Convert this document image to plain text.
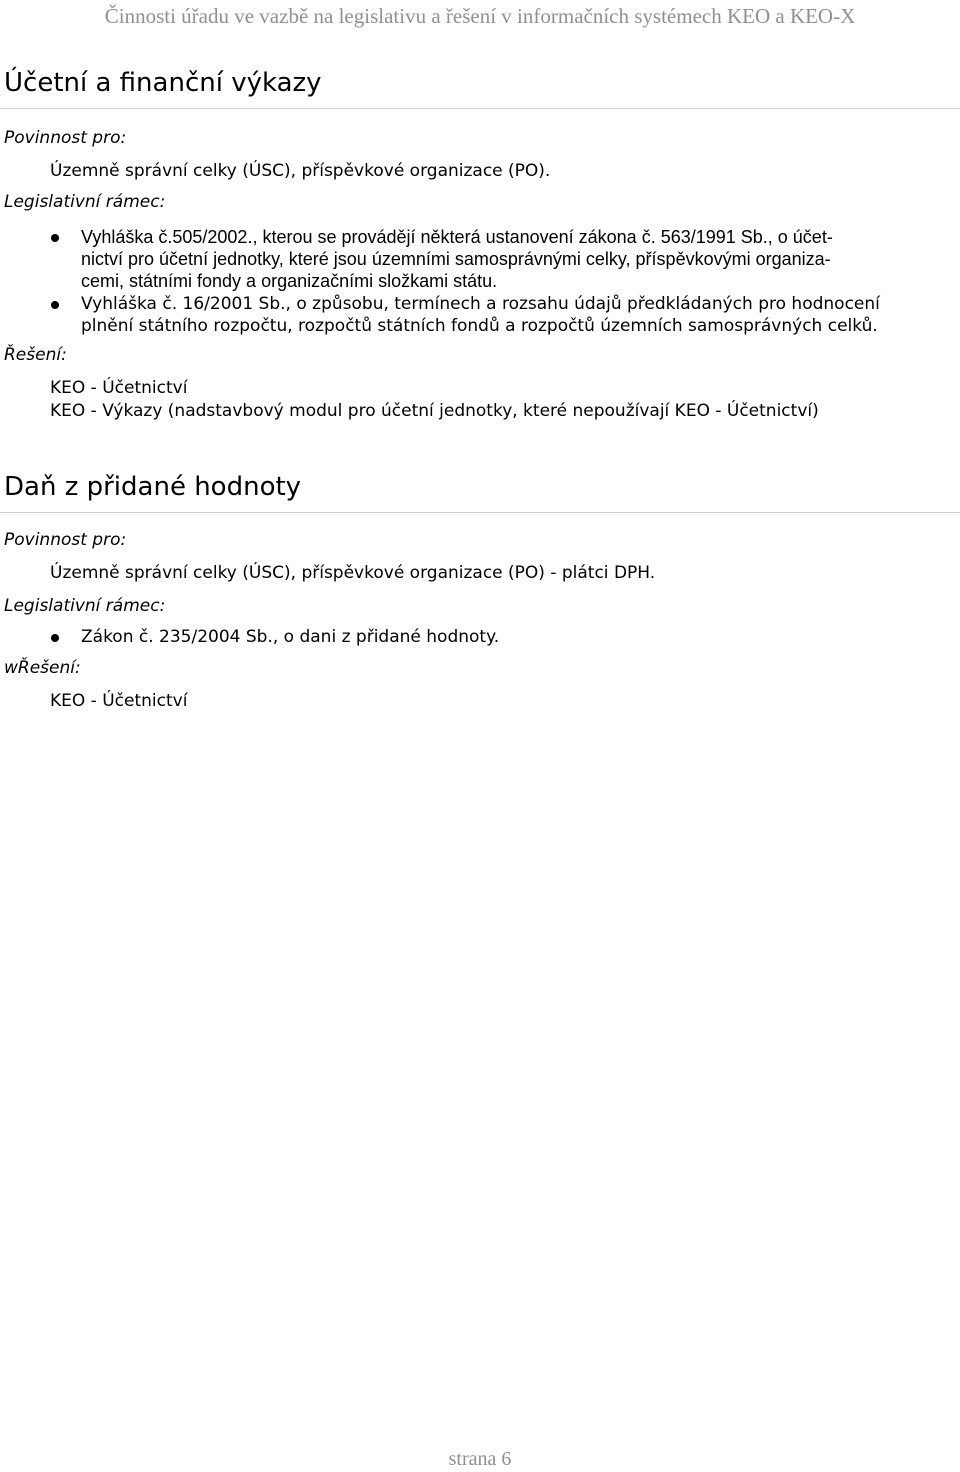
Činnosti úřadu ve vazbě na legislativu a řešení v informačních systémech KEO a KEO-X
Účetní a finanční výkazy
Povinnost pro:
Územně správní celky (ÚSC), příspěvkové organizace (PO).
Legislativní rámec:
Vyhláška č.505/2002., kterou se provádějí některá ustanovení zákona č. 563/1991 Sb., o účet-
nictví pro účetní jednotky, které jsou územními samosprávnými celky, příspěvkovými organiza-
cemi, státními fondy a organizačními složkami státu.
Vyhláška č. 16/2001 Sb., o způsobu, termínech a rozsahu údajů předkládaných pro hodnocení
plnění státního rozpočtu, rozpočtů státních fondů a rozpočtů územních samosprávných celků.
Řešení:
KEO - Účetnictví
KEO - Výkazy (nadstavbový modul pro účetní jednotky, které nepoužívají KEO - Účetnictví)
Daň z přidané hodnoty
Povinnost pro:
Územně správní celky (ÚSC), příspěvkové organizace (PO) - plátci DPH.
Legislativní rámec:
Zákon č. 235/2004 Sb., o dani z přidané hodnoty.
wŘešení:
KEO - Účetnictví
strana 6
